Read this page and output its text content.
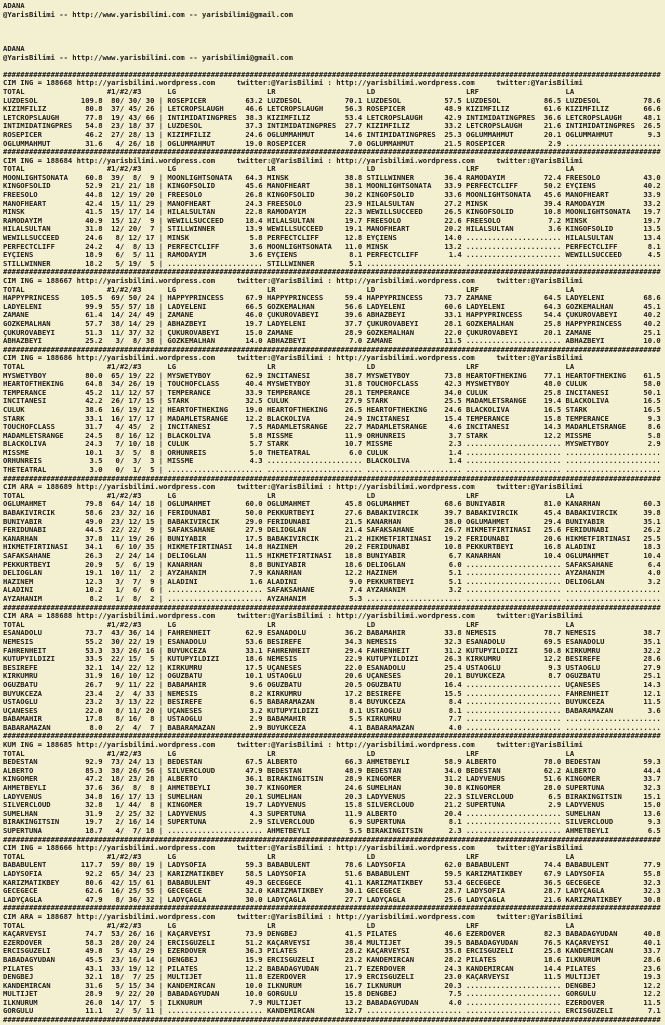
ADANA
@YarisBilimi -- http://www.yarisbilimi.com -- yarisbilimi@gmail.com
ADANA
@YarisBilimi -- http://www.yarisbilimi.com -- yarisbilimi@gmail.com
########################################################################################################################################################
CIM ING = 188668 http://yarisbilimi.wordpress.com     twitter:@YarisBilimi : http://yarisbilimi.wordpress.com     twitter:@YarisBilimi
TOTAL                   #1/#2/#3      LG                     LR                     LD                     LRF                    LA
LUZDESOL          109.8  80/ 30/ 30 | ROSEPICER         63.2 LUZDESOL          70.1 LUZDESOL          57.5 LUZDESOL          86.5 LUZDESOL          78.6
KIZIMFILIZ         80.8  37/ 45/ 26 | LETCROPSLAUGH     46.6 LETCROPSLAUGH     56.3 ROSEPICER         48.9 KIZIMFILIZ        61.6 KIZIMFILIZ        66.6
LETCROPSLAUGH      77.8  19/ 43/ 66 | INTIMIDATINGPRES  38.3 KIZIMFILIZ        53.4 LETCROPSLAUGH     42.9 INTIMIDATINGPRES  36.6 LETCROPSLAUGH     48.1
INTIMIDATINGPRES   54.8  23/ 18/ 37 | LUZDESOL          37.3 INTIMIDATINGPRES  27.7 KIZIMFILIZ        33.2 LETCROPSLAUGH     21.6 INTIMIDATINGPRES  26.5
ROSEPICER          46.2  27/ 28/ 13 | KIZIMFILIZ        24.6 OGLUMMAHMUT       14.6 INTIMIDATINGPRES  25.3 OGLUMMAHMUT       20.1 OGLUMMAHMUT        9.3
OGLUMMAHMUT        31.6   4/ 26/ 18 | OGLUMMAHMUT       19.0 ROSEPICER          7.0 OGLUMMAHMUT       21.5 ROSEPICER          2.9 ......................
########################################################################################################################################################
CIM ING = 188684 http://yarisbilimi.wordpress.com     twitter:@YarisBilimi : http://yarisbilimi.wordpress.com     twitter:@YarisBilimi
TOTAL                   #1/#2/#3      LG                     LR                     LD                     LRF                    LA
MOONLIGHTSONATA    60.8  39/  8/  9 | MOONLIGHTSONATA   64.3 MINSK             38.8 STILLWINNER       36.4 RAMODAYIM         72.4 FREESOLO          43.0
KINGOFSOLID        52.9  21/ 21/ 18 | KINGOFSOLID       45.6 MANOFHEART        38.1 MOONLIGHTSONATA   33.9 PERFECTCLIFF      50.2 EYÇIENS           40.2
FREESOLO           44.8  12/ 19/ 20 | FREESOLO          26.8 KINGOFSOLID       30.2 KINGOFSOLID       33.6 MOONLIGHTSONATA   45.6 MANOFHEART        33.9
MANOFHEART         42.4  15/ 11/ 29 | MANOFHEART        24.3 FREESOLO          23.9 HILALSULTAN       27.2 MINSK             39.4 RAMODAYIM         33.2
MINSK              41.5  15/ 17/ 14 | HILALSULTAN       22.8 RAMODAYIM         22.3 WEWILLSUCCEED     26.5 KINGOFSOLID       10.8 MOONLIGHTSONATA   19.7
RAMODAYIM          40.9  15/ 12/  9 | WEWILLSUCCEED     18.4 HILALSULTAN       19.7 FREESOLO          22.6 FREESOLO           7.2 MINSK             19.7
HILALSULTAN        31.8  12/ 20/  7 | STILLWINNER       13.9 WEWILLSUCCEED     19.1 MANOFHEART        20.2 HILALSULTAN        3.6 KINGOFSOLID       13.5
WEWILLSUCCEED      24.6   8/ 12/ 17 | MINSK              5.8 PERFECTCLIFF      12.8 EYÇIENS           14.0 ...................... HILALSULTAN       13.4
PERFECTCLIFF       24.2   4/  8/ 13 | PERFECTCLIFF       3.6 MOONLIGHTSONATA   11.0 MINSK             13.2 ...................... PERFECTCLIFF       8.1
EYÇIENS            18.9   6/  5/ 11 | RAMODAYIM          3.6 EYÇIENS            8.1 PERFECTCLIFF       1.4 ...................... WEWILLSUCCEED      4.5
STILLWINNER        18.2   5/ 19/  5 | ...................... STILLWINNER        5.1 ...................... ...................... ......................
########################################################################################################################################################
CIM ING = 188667 http://yarisbilimi.wordpress.com     twitter:@YarisBilimi : http://yarisbilimi.wordpress.com     twitter:@YarisBilimi
TOTAL                   #1/#2/#3      LG                     LR                     LD                     LRF                    LA
HAPPYPRINCESS     105.5  69/ 50/ 24 | HAPPYPRINCESS     67.9 HAPPYPRINCESS     59.4 HAPPYPRINCESS     73.7 ZAMANE            64.5 LADYELENI         68.6
LADYELENI          99.9  55/ 57/ 18 | LADYELENI         66.5 GÖZKEMALHAN       56.6 LADYELENI         60.6 LADYELENI         64.3 GÖZKEMALHAN       45.1
ZAMANE             61.4  14/ 24/ 49 | ZAMANE            46.0 ÇUKUROVABEYI      39.6 ABHAZBEYI         33.1 HAPPYPRINCESS     54.4 ÇUKUROVABEYI      40.2
GÖZKEMALHAN        57.7  38/ 14/ 29 | ABHAZBEYI         19.7 LADYELENI         37.7 ÇUKUROVABEYI      28.1 GÖZKEMALHAN       25.8 HAPPYPRINCESS     40.2
ÇUKUROVABEYI       51.3  11/ 37/ 32 | ÇUKUROVABEYI      15.0 ZAMANE            28.9 GÖZKEMALHAN       22.0 ÇUKUROVABEYI      20.1 ZAMANE            25.1
ABHAZBEYI          25.2   3/  8/ 38 | GÖZKEMALHAN       14.0 ABHAZBEYI          7.0 ZAMANE            11.5 ...................... ABHAZBEYI         10.0
########################################################################################################################################################
CIM ING = 188686 http://yarisbilimi.wordpress.com     twitter:@YarisBilimi : http://yarisbilimi.wordpress.com     twitter:@YarisBilimi
TOTAL                   #1/#2/#3      LG                     LR                     LD                     LRF                    LA
MYSWETYBOY         80.0  65/ 19/ 22 | MYSWETYBOY        62.9 INCITANESI        38.7 MYSWETYBOY        73.8 HEARTOFTHEKING    77.1 HEARTOFTHEKING    61.5
HEARTOFTHEKING     64.8  34/ 26/ 19 | TOUCHOFCLASS      40.4 MYSWETYBOY        31.8 TOUCHOFCLASS      42.3 MYSWETYBOY        48.0 CÜLÜK             58.0
TEMPERANCE         45.2  11/ 12/ 57 | TEMPERANCE        33.9 TEMPERANCE        28.1 TEMPERANCE        34.0 CÜLÜK             25.8 INCITANESI        50.1
INCITANESI         42.2  26/ 17/ 15 | STARK             32.5 CÜLÜK             27.9 STARK             25.5 MADAMLETSRANGE    19.4 BLACKOLIVA        16.5
CÜLÜK              38.6  16/ 19/ 12 | HEARTOFTHEKING    19.0 HEARTOFTHEKING    26.5 HEARTOFTHEKING    24.6 BLACKOLIVA        16.5 STARK             16.5
STARK              33.1  16/ 17/ 17 | MADAMLETSRANGE    12.2 BLACKOLIVA        24.9 INCITANESI        15.4 TEMPERANCE        15.8 TEMPERANCE         9.3
TOUCHOFCLASS       31.7   4/ 45/  2 | INCITANESI         7.5 MADAMLETSRANGE    22.7 MADAMLETSRANGE     4.6 INCITANESI        14.3 MADAMLETSRANGE     8.6
MADAMLETSRANGE     24.5   8/ 16/ 12 | BLACKOLIVA         5.8 MISSME            11.9 ORHUNREIS          3.7 STARK             12.2 MISSME             5.8
BLACKOLIVA         24.3   7/ 10/ 18 | CÜLÜK              5.7 STARK             10.7 MISSME             2.3 ...................... MYSWETYBOY         2.9
MISSME             10.1   3/  5/  8 | ORHUNREIS          5.0 THETEATRAL         6.0 CÜLÜK              1.4 ...................... ......................
ORHUNREIS           3.5   0/  3/  3 | MISSME             4.3 ...................... BLACKOLIVA         1.4 ...................... ......................
THETEATRAL          3.0   0/  1/  5 | ...................... ...................... ...................... ...................... ......................
########################################################################################################################################################
CIM ARA = 188689 http://yarisbilimi.wordpress.com     twitter:@YarisBilimi : http://yarisbilimi.wordpress.com     twitter:@YarisBilimi
TOTAL                   #1/#2/#3      LG                     LR                     LD                     LRF                    LA
OGLUMAHMET         79.8  64/ 14/ 18 | OGLUMAHMET        60.0 OGLUMAHMET        45.8 OGLUMAHMET        68.6 BUNIYABIR         81.0 KANARHAN          60.3
BABAKIVIRCIK       58.6  23/ 32/ 16 | FERIDUNABI        50.0 PEKKURTBEYI       27.6 BABAKIVIRCIK      39.7 BABAKIVIRCIK      45.4 BABAKIVIRCIK      39.8
BUNIYABIR          49.0  23/ 12/ 15 | BABAKIVIRCIK      29.0 FERIDUNABI        21.5 KANARHAN          38.0 OGLUMAHMET        29.4 BUNIYABIR         35.1
FERIDUNABI         44.5  22/ 22/  9 | SAFAKSAHANE       27.9 DELIOGLAN         21.4 SAFAKSAHANE       26.7 HIKMETFIRTINASI   25.6 FERIDUNABI        26.2
KANARHAN           37.8  11/ 19/ 26 | BUNIYABIR         17.5 BABAKIVIRCIK      21.2 HIKMETFIRTINASI   19.2 FERIDUNABI        20.6 HIKMETFIRTINASI   25.5
HIKMETFIRTINASI    34.1   6/ 10/ 35 | HIKMETFIRTINASI   14.8 HAZINEM           20.2 FERIDUNABI        10.8 PEKKURTBEYI       16.8 ALADINI           18.3
SAFAKSAHANE        26.3   2/ 24/ 14 | DELIOGLAN         11.5 HIKMETFIRTINASI   18.8 BUNIYABIR          6.7 KANARHAN          10.4 OGLUMAHMET        10.4
PEKKURTBEYI        20.9   5/  6/ 19 | KANARHAN           8.8 BUNIYABIR         18.6 DELIOGLAN          6.0 ...................... SAFAKSAHANE        6.4
DELIOGLAN          19.1  10/ 11/  2 | AYZAHANIM          7.9 KANARHAN          12.2 HAZINEM            5.1 ...................... AYZAHANIM          4.0
HAZINEM            12.3   3/  7/  9 | ALADINI            1.6 ALADINI            9.0 PEKKURTBEYI        5.1 ...................... DELIOGLAN          3.2
ALADINI            10.2   1/  6/  6 | ...................... SAFAKSAHANE        7.4 AYZAHANIM          3.2 ...................... ......................
AYZAHANIM           8.2   1/  8/  2 | ...................... AYZAHANIM          5.3 ...................... ...................... ......................
########################################################################################################################################################
CIM ARA = 188688 http://yarisbilimi.wordpress.com     twitter:@YarisBilimi : http://yarisbilimi.wordpress.com     twitter:@YarisBilimi
TOTAL                   #1/#2/#3      LG                     LR                     LD                     LRF                    LA
ESANADOLU          73.7  43/ 36/ 14 | FAHRENHEIT        62.9 ESANADOLU         36.2 BABAMAHIR         33.8 NEMESIS           78.7 NEMESIS           38.7
NEMESIS            55.2  30/ 22/ 19 | ESANADOLU         53.6 BESIREFE          34.3 NEMESIS           32.3 ESANADOLU         69.5 ESANADOLU         35.1
FAHRENHEIT         53.3  33/ 26/ 16 | BÜYÜKCEZA         33.1 FAHRENHEIT        29.4 FAHRENHEIT        31.2 KUTUPYILDIZI      50.8 KIRKUMRU          32.2
KUTUPYILDIZI       33.5  22/ 15/  5 | KUTUPYILDIZI      18.6 NEMESIS           22.9 KUTUPYILDIZI      26.3 KIRKUMRU          12.2 BESIREFE          28.6
BESIREFE           32.1  14/ 22/ 12 | KIRKUMRU          17.5 UÇANESES          22.0 ESANADOLU         25.4 USTAOGLU           9.3 USTAOGLU          27.9
KIRKUMRU           31.9  16/ 10/ 12 | OGUZBATU          10.1 USTAOGLU          20.6 UÇANESES          20.1 BÜYÜKCEZA          8.7 OGUZBATU          25.1
OGUZBATU           26.7   9/ 11/ 22 | BABAMAHIR          9.6 OGUZBATU          20.5 OGUZBATU          16.4 ...................... UÇANESES          14.3
BÜYÜKCEZA          23.4   2/  4/ 33 | NEMESIS            8.2 KIRKUMRU          17.2 BESIREFE          15.5 ...................... FAHRENHEIT        12.1
USTAOGLU           23.2   3/ 13/ 22 | BESIREFE           6.5 BABARAMAZAN        8.4 BÜYÜKCEZA          8.4 ...................... BÜYÜKCEZA         11.5
UÇANESES           22.0   8/ 11/ 20 | UÇANESES           3.2 KUTUPYILDIZI       8.1 USTAOGLU           8.1 ...................... BABARAMAZAN        3.6
BABAMAHIR          17.8   8/ 16/  8 | USTAOGLU           2.9 BABAMAHIR          5.5 KIRKUMRU           7.7 ...................... ......................
BABARAMAZAN         8.0   2/  4/  7 | BABARAMAZAN        2.9 BÜYÜKCEZA          4.1 BABARAMAZAN        4.0 ...................... ......................
########################################################################################################################################################
KUM ING = 188685 http://yarisbilimi.wordpress.com     twitter:@YarisBilimi : http://yarisbilimi.wordpress.com     twitter:@YarisBilimi
TOTAL                   #1/#2/#3      LG                     LR                     LD                     LRF                    LA
BEDESTAN           92.9  73/ 24/ 13 | BEDESTAN          67.5 ALBERTO           66.3 AHMETBEYLI        58.9 ALBERTO           78.0 BEDESTAN          59.3
ALBERTO            85.3  38/ 26/ 56 | SILVERCLOUD       47.9 BEDESTAN          48.9 BEDESTAN          34.0 BEDESTAN          62.2 ALBERTO           44.4
KINGOMER           47.2  18/ 23/ 28 | ALBERTO           36.1 BIRAKINGITSIN     28.9 KINGOMER          31.2 LADYVENÜS         51.6 KINGOMER          33.7
AHMETBEYLI         37.6  36/  8/  8 | AHMETBEYLI        30.7 KINGOMER          24.6 SUMELHAN          30.8 KINGOMER          28.0 SUPERTUNA         32.3
LADYVENÜS          34.8  16/ 17/ 13 | SUMELHAN          20.1 SUMELHAN          20.3 LADYVENÜS         22.3 SILVERCLOUD        6.5 BIRAKINGITSIN     15.1
SILVERCLOUD        32.8   1/ 44/  8 | KINGOMER          19.7 LADYVENÜS         15.8 SILVERCLOUD       21.2 SUPERTUNA          2.9 LADYVENÜS         15.0
SUMELHAN           31.9   2/ 25/ 32 | LADYVENÜS          4.3 SUPERTUNA         11.9 ALBERTO           20.4 ...................... SUMELHAN          13.6
BIRAKINGITSIN      19.7   2/ 16/ 14 | SUPERTUNA          2.9 SILVERCLOUD        6.9 SUPERTUNA          8.1 ...................... SILVERCLOUD        9.3
SUPERTUNA          18.7   4/  7/ 18 | ...................... AHMETBEYLI         5.5 BIRAKINGITSIN      2.3 ...................... AHMETBEYLI         6.5
########################################################################################################################################################
CIM ING = 188666 http://yarisbilimi.wordpress.com     twitter:@YarisBilimi : http://yarisbilimi.wordpress.com     twitter:@YarisBilimi
TOTAL                   #1/#2/#3      LG                     LR                     LD                     LRF                    LA
BABABÜLENT        117.7  59/ 80/ 19 | LADYSOFIA         59.3 BABABÜLENT        78.6 LADYSOFIA         62.0 BABABÜLENT        74.4 BABABÜLENT        77.9
LADYSOFIA          92.2  65/ 34/ 23 | KARIZMATIKBEY     58.5 LADYSOFIA         51.6 BABABÜLENT        59.5 KARIZMATIKBEY     67.9 LADYSOFIA         55.8
KARIZMATIKBEY      80.6  42/ 15/ 61 | BABABÜLENT        49.3 GECEGECE          41.1 KARIZMATIKBEY     53.4 GECEGECE          36.5 GECEGECE          32.3
GECEGECE           62.6  16/ 25/ 55 | GECEGECE          32.0 KARIZMATIKBEY     30.1 GECEGECE          28.7 LADYSOFIA         28.7 LADYÇAGLA         32.3
LADYÇAGLA          47.9   8/ 36/ 32 | LADYÇAGLA         30.0 LADYÇAGLA         27.7 LADYÇAGLA         25.6 LADYÇAGLA         21.6 KARIZMATIKBEY     30.8
########################################################################################################################################################
CIM ARA = 188687 http://yarisbilimi.wordpress.com     twitter:@YarisBilimi : http://yarisbilimi.wordpress.com     twitter:@YarisBilimi
TOTAL                   #1/#2/#3      LG                     LR                     LD                     LRF                    LA
KAÇARVEYSI         74.7  53/ 26/ 16 | KAÇARVEYSI        73.9 DENGBEJ           41.5 PILATES           46.6 EZERDÖVER         82.3 BABADAGYUDAN      40.8
EZERDÖVER          58.3  28/ 20/ 24 | ERCISGÜZELI       51.2 KAÇARVEYSI        38.4 MULTIJET          39.5 BABADAGYUDAN      76.5 KAÇARVEYSI        40.1
ERCISGÜZELI        49.8   5/ 43/ 29 | EZERDÖVER         36.3 PILATES           28.2 KAÇARVEYSI        35.8 ERCISGÜZELI       25.8 KANDEMIRCAN       33.7
BABADAGYUDAN       45.5  23/ 16/ 14 | DENGBEJ           15.9 ERCISGÜZELI       23.2 KANDEMIRCAN       28.2 PILATES           18.6 ILKNURUM          28.6
PILATES            43.1  33/ 19/ 12 | PILATES           12.2 BABADAGYUDAN      21.7 EZERDÖVER         24.3 KANDEMIRCAN       14.4 PILATES           23.6
DENGBEJ            32.1  18/  7/ 25 | MULTIJET          11.8 EZERDÖVER         17.9 ERCISGÜZELI       23.0 KAÇARVEYSI        11.5 MULTIJET          19.3
KANDEMIRCAN        31.6   5/ 15/ 34 | KANDEMIRCAN       10.0 ILKNURUM          16.7 ILKNURUM          20.3 ...................... DENGBEJ           12.2
MULTIJET           28.9   9/ 22/ 20 | BABADAGYUDAN      10.0 GÖRGÜLÜ           15.8 DENGBEJ            7.5 ...................... GÖRGÜLÜ           12.2
ILKNURUM           26.0  14/ 17/  5 | ILKNURUM           7.9 MULTIJET          13.2 BABADAGYUDAN       4.0 ...................... EZERDÖVER         11.5
GÖRGÜLÜ            11.1   2/  5/ 11 | ...................... KANDEMIRCAN       12.7 ...................... ...................... ERCISGÜZELI        7.1
########################################################################################################################################################
